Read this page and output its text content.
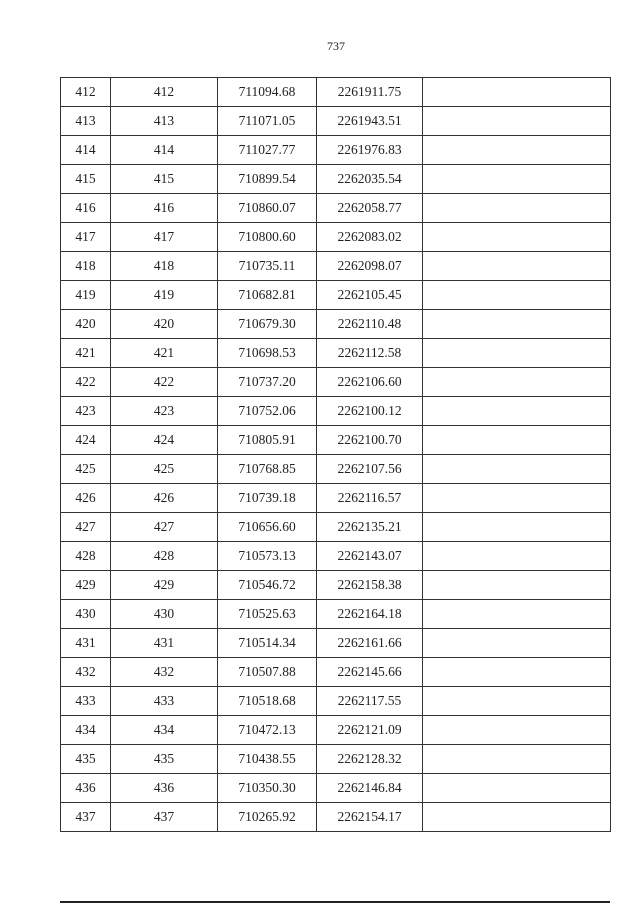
737
412	412	711094.68	2261911.75	
413	413	711071.05	2261943.51	
414	414	711027.77	2261976.83	
415	415	710899.54	2262035.54	
416	416	710860.07	2262058.77	
417	417	710800.60	2262083.02	
418	418	710735.11	2262098.07	
419	419	710682.81	2262105.45	
420	420	710679.30	2262110.48	
421	421	710698.53	2262112.58	
422	422	710737.20	2262106.60	
423	423	710752.06	2262100.12	
424	424	710805.91	2262100.70	
425	425	710768.85	2262107.56	
426	426	710739.18	2262116.57	
427	427	710656.60	2262135.21	
428	428	710573.13	2262143.07	
429	429	710546.72	2262158.38	
430	430	710525.63	2262164.18	
431	431	710514.34	2262161.66	
432	432	710507.88	2262145.66	
433	433	710518.68	2262117.55	
434	434	710472.13	2262121.09	
435	435	710438.55	2262128.32	
436	436	710350.30	2262146.84	
437	437	710265.92	2262154.17	
